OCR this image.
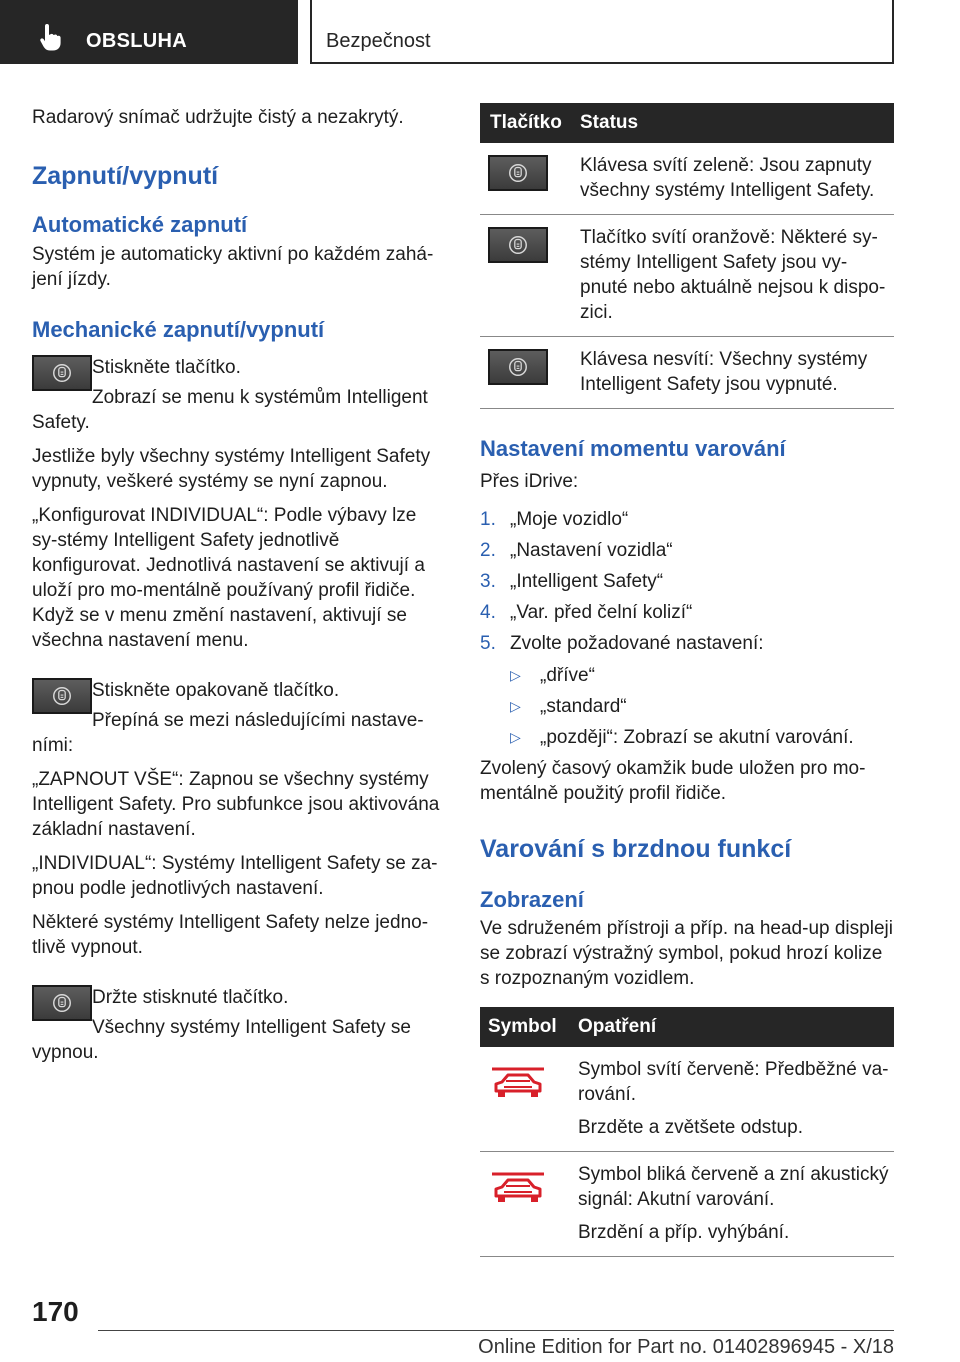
OBSLUHA	Bezpečnost

Radarový snímač udržujte čistý a nezakrytý.

Zapnutí/vypnutí
Automatické zapnutí

Systém je automaticky aktivní po každém zahá-jení jízdy.

Mechanické zapnutí/vypnutí

Stiskněte tlačítko.

Zobrazí se menu k systémům Intelligent Safety.

Jestliže byly všechny systémy Intelligent Safety vypnuty, veškeré systémy se nyní zapnou.

„Konfigurovat INDIVIDUAL“: Podle výbavy lze sy-stémy Intelligent Safety jednotlivě konfigurovat. Jednotlivá nastavení se aktivují a uloží pro mo-mentálně používaný profil řidiče. Když se v menu změní nastavení, aktivují se všechna nastavení menu.

Stiskněte opakovaně tlačítko.

Přepíná se mezi následujícími nastave-ními:

„ZAPNOUT VŠE“: Zapnou se všechny systémy Intelligent Safety. Pro subfunkce jsou aktivována základní nastavení.

„INDIVIDUAL“: Systémy Intelligent Safety se za-pnou podle jednotlivých nastavení.

Některé systémy Intelligent Safety nelze jedno-tlivě vypnout.

Držte stisknuté tlačítko.

Všechny systémy Intelligent Safety se vypnou.

Tlačítko	Status

	Klávesa svítí zeleně: Jsou zapnuty všechny systémy Intelligent Safety.

	Tlačítko svítí oranžově: Některé sy-stémy Intelligent Safety jsou vy-pnuté nebo aktuálně nejsou k dispo-zici.

	Klávesa nesvítí: Všechny systémy Intelligent Safety jsou vypnuté.
Nastavení momentu varování

Přes iDrive:

1. „Moje vozidlo“
2. „Nastavení vozidla“
3. „Intelligent Safety“
4. „Var. před čelní kolizí“
5. Zvolte požadované nastavení:
▷ „dříve“
▷ „standard“
▷ „později“: Zobrazí se akutní varování.

Zvolený časový okamžik bude uložen pro mo-mentálně použitý profil řidiče.

Varování s brzdnou funkcí
Zobrazení

Ve sdruženém přístroji a příp. na head-up displeji se zobrazí výstražný symbol, pokud hrozí kolize s rozpoznaným vozidlem.

Symbol	Opatření

Symbol svítí červeně: Předběžné va-rování.
Brzděte a zvětšete odstup.

Symbol bliká červeně a zní akustický signál: Akutní varování.
Brzdění a příp. vyhýbání.
170
Online Edition for Part no. 01402896945 - X/18
